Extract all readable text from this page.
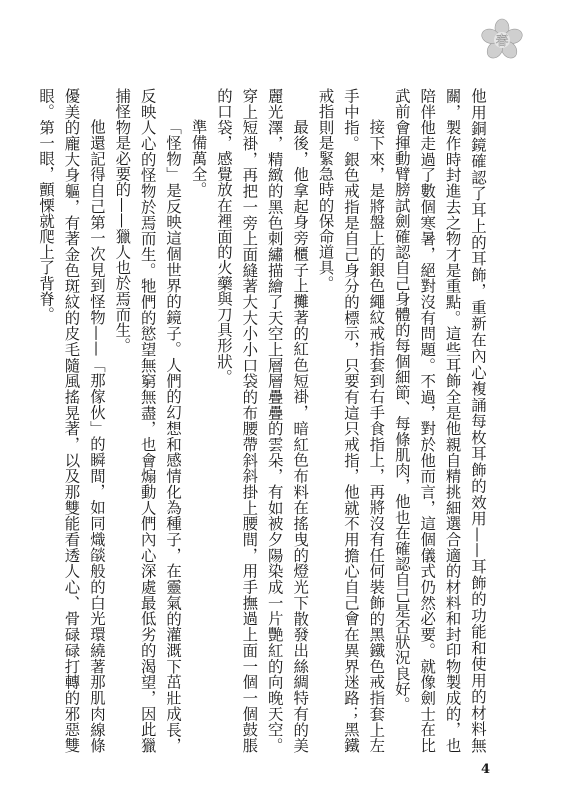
春

他用銅鏡確認了耳上的耳飾，重新在內心複誦每枚耳飾的效用——耳飾的功能和使用的材料無關，製作時封進去之物才是重點。這些耳飾全是他親自精挑細選合適的材料和封印物製成的，也陪伴他走過了數個寒暑，絕對沒有問題。不過，對於他而言，這個儀式仍然必要。就像劍士在比武前會揮動臂膀試劍確認自己身體的每個細節、每條肌肉，他也在確認自己是否狀況良好。

接下來，是將盤上的銀色繩紋戒指套到右手食指上，再將沒有任何裝飾的黑鐵色戒指套上左手中指。銀色戒指是自己身分的標示，只要有這只戒指，他就不用擔心自己會在異界迷路；黑鐵戒指則是緊急時的保命道具。

最後，他拿起身旁櫃子上攤著的紅色短褂，暗紅色布料在搖曳的燈光下散發出絲綢特有的美麗光澤，精緻的黑色刺繡描繪了天空上層層疊疊的雲朵，有如被夕陽染成一片艷紅的向晚天空。穿上短褂，再把一旁上面縫著大大小小口袋的布腰帶斜斜掛上腰間，用手撫過上面一個一個鼓脹的口袋，感覺放在裡面的火藥與刀具形狀。

準備萬全。

「怪物」是反映這個世界的鏡子。人們的幻想和感情化為種子，在靈氣的灌溉下茁壯成長，反映人心的怪物於焉而生。牠們的慾望無窮無盡，也會煽動人們內心深處最低劣的渴望，因此獵捕怪物是必要的——獵人也於焉而生。

他還記得自己第一次見到怪物——「那傢伙」的瞬間，如同熾燄般的白光環繞著那肌肉線條優美的龐大身軀，有著金色斑紋的皮毛隨風搖晃著，以及那雙能看透人心、骨碌碌打轉的邪惡雙眼。第一眼，顫慄就爬上了背脊。

4
